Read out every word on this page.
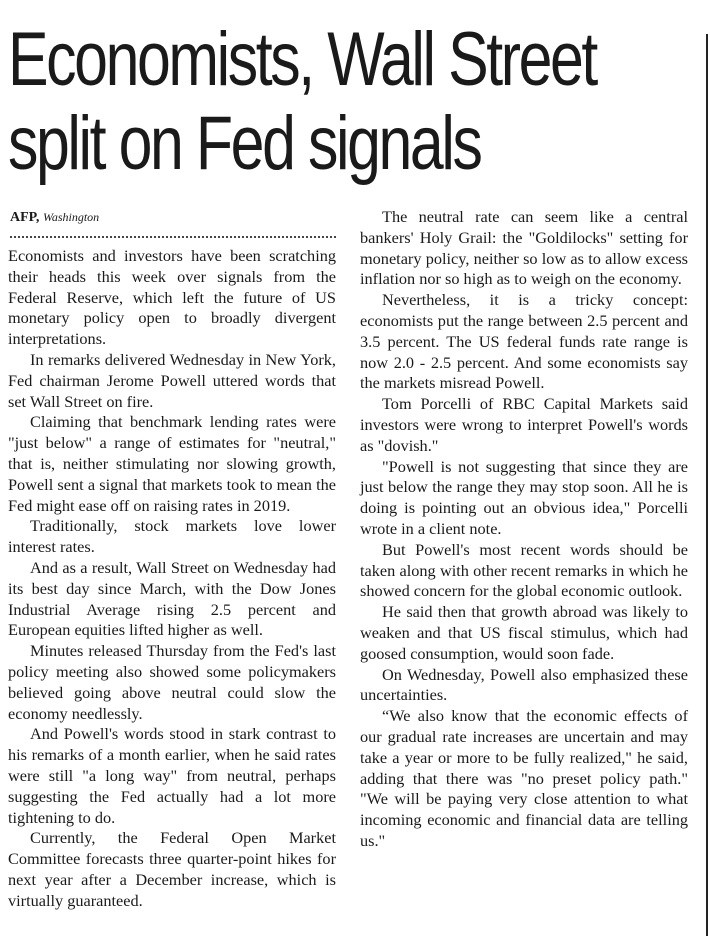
Economists, Wall Street
split on Fed signals
AFP, Washington

Economists and investors have been scratching their heads this week over signals from the Federal Reserve, which left the future of US monetary policy open to broadly divergent interpretations.

In remarks delivered Wednesday in New York, Fed chairman Jerome Powell uttered words that set Wall Street on fire.

Claiming that benchmark lending rates were "just below" a range of estimates for "neutral," that is, neither stimulating nor slowing growth, Powell sent a signal that markets took to mean the Fed might ease off on raising rates in 2019.

Traditionally, stock markets love lower interest rates.

And as a result, Wall Street on Wednesday had its best day since March, with the Dow Jones Industrial Average rising 2.5 percent and European equities lifted higher as well.

Minutes released Thursday from the Fed's last policy meeting also showed some policymakers believed going above neutral could slow the economy needlessly.

And Powell's words stood in stark contrast to his remarks of a month earlier, when he said rates were still "a long way" from neutral, perhaps suggesting the Fed actually had a lot more tightening to do.

Currently, the Federal Open Market Committee forecasts three quarter-point hikes for next year after a December increase, which is virtually guaranteed.

The neutral rate can seem like a central bankers' Holy Grail: the "Goldilocks" setting for monetary policy, neither so low as to allow excess inflation nor so high as to weigh on the economy.

Nevertheless, it is a tricky concept: economists put the range between 2.5 percent and 3.5 percent. The US federal funds rate range is now 2.0 - 2.5 percent. And some economists say the markets misread Powell.

Tom Porcelli of RBC Capital Markets said investors were wrong to interpret Powell's words as "dovish."

"Powell is not suggesting that since they are just below the range they may stop soon. All he is doing is pointing out an obvious idea," Porcelli wrote in a client note.

But Powell's most recent words should be taken along with other recent remarks in which he showed concern for the global economic outlook.

He said then that growth abroad was likely to weaken and that US fiscal stimulus, which had goosed consumption, would soon fade.

On Wednesday, Powell also emphasized these uncertainties.

“We also know that the economic effects of our gradual rate increases are uncertain and may take a year or more to be fully realized," he said, adding that there was "no preset policy path." "We will be paying very close attention to what incoming economic and financial data are telling us."
